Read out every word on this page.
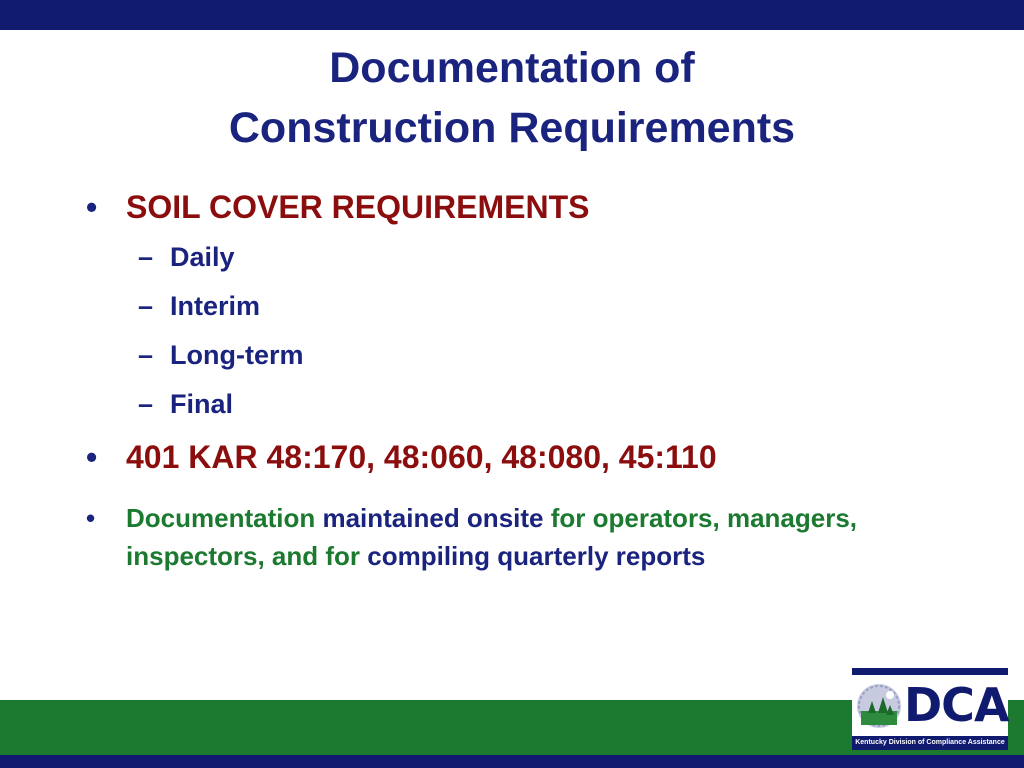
Documentation of
Construction Requirements
• SOIL COVER REQUIREMENTS
– Daily
– Interim
– Long-term
– Final
• 401 KAR 48:170, 48:060, 48:080, 45:110
• Documentation maintained onsite for operators, managers, inspectors, and for compiling quarterly reports
DCA
Kentucky Division of Compliance Assistance
